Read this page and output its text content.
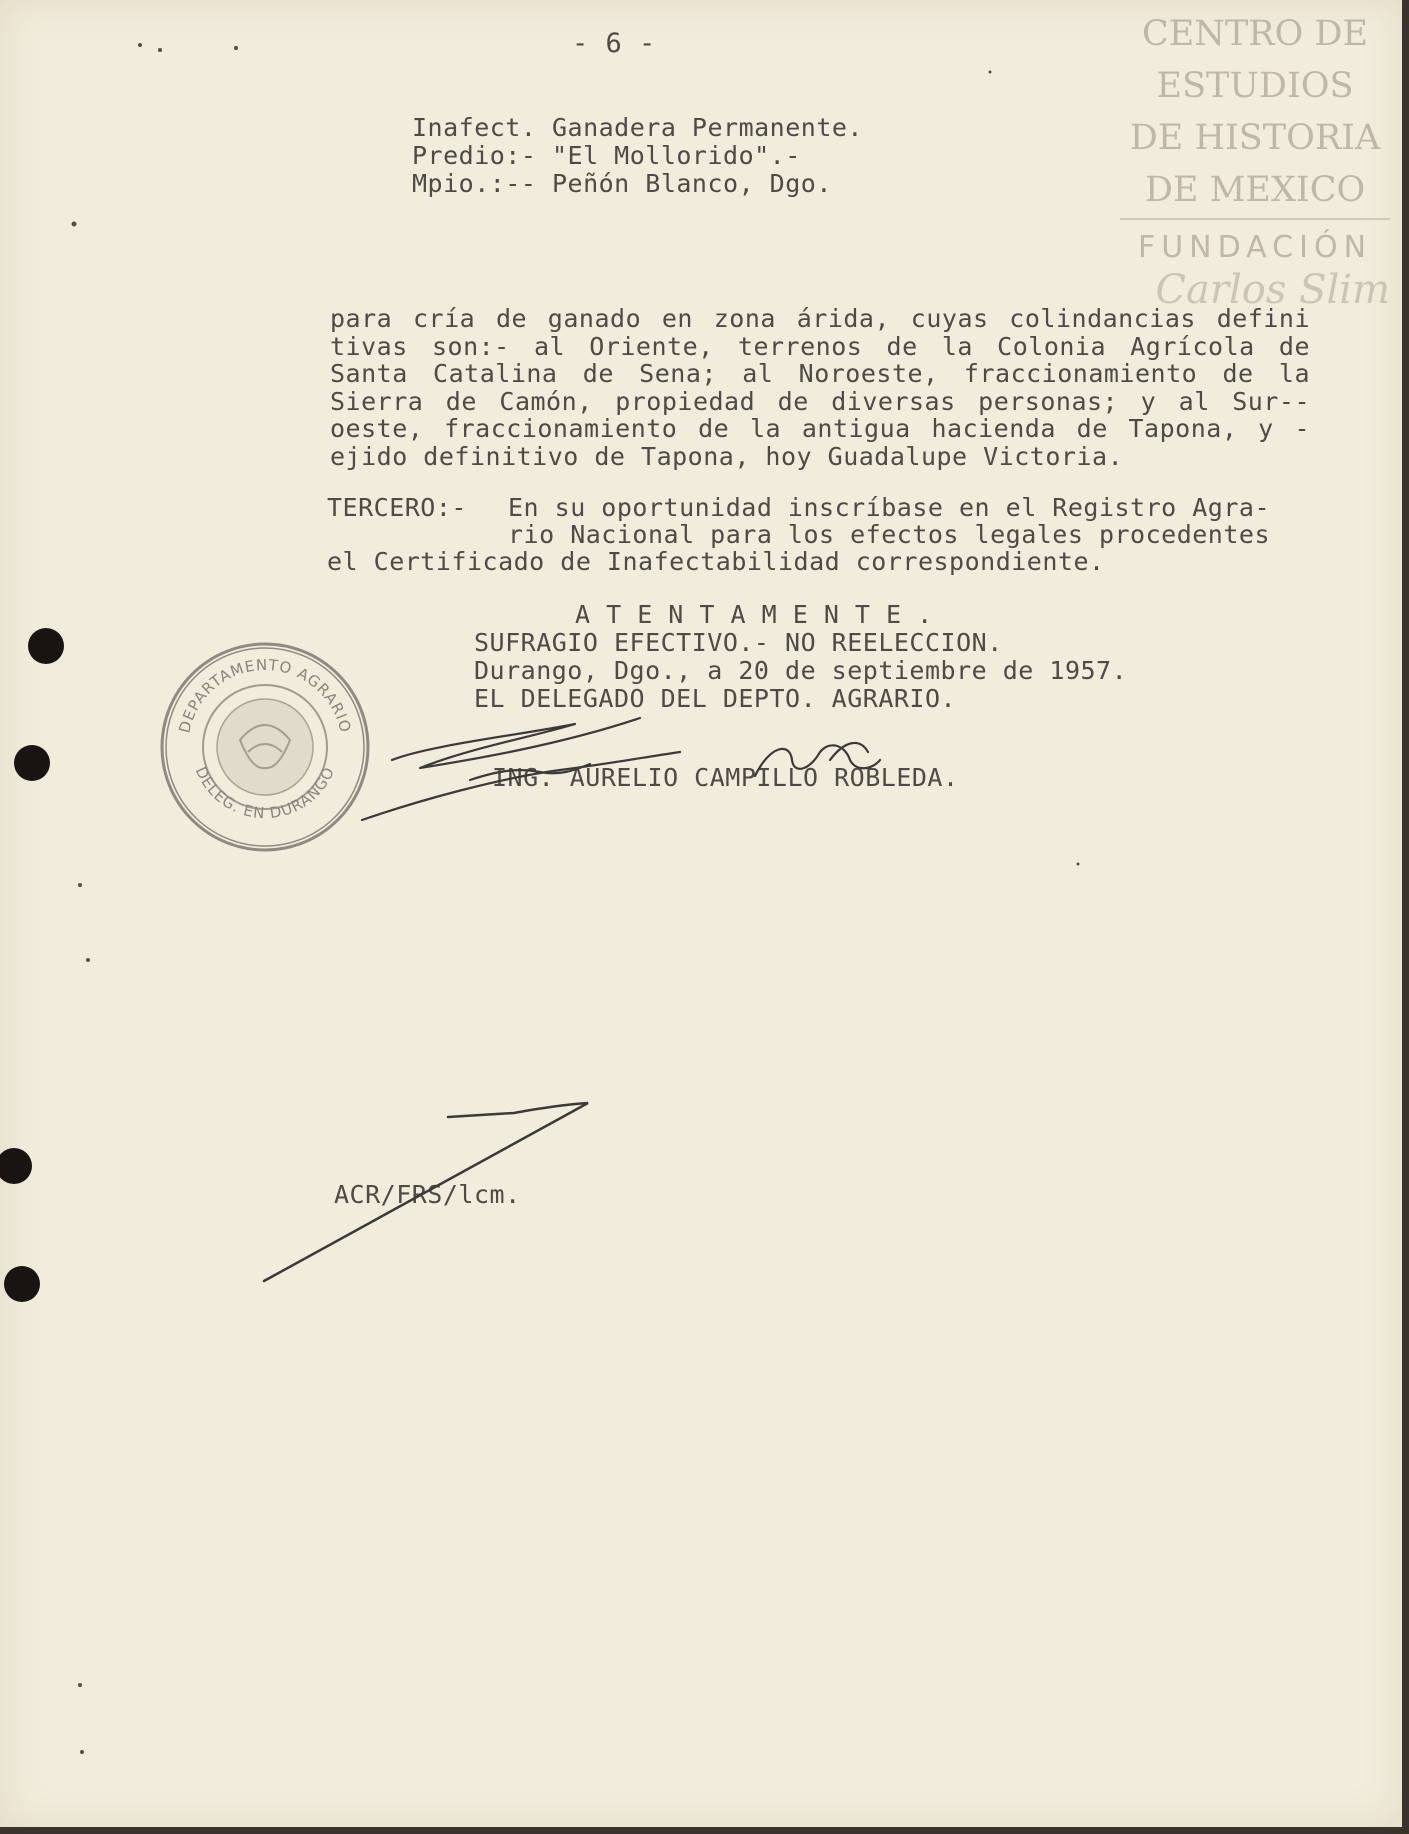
- 6 -
Inafect. Ganadera Permanente.
Predio:- "El Mollorido".-
Mpio.:-- Peñón Blanco, Dgo.
para cría de ganado en zona árida, cuyas colindancias defini tivas son:- al Oriente, terrenos de la Colonia Agrícola de Santa Catalina de Sena; al Noroeste, fraccionamiento de la Sierra de Camón, propiedad de diversas personas; y al Sur--oeste, fraccionamiento de la antigua hacienda de Tapona, y - ejido definitivo de Tapona, hoy Guadalupe Victoria.
TERCERO:- En su oportunidad inscríbase en el Registro Agra- rio Nacional para los efectos legales procedentes
el Certificado de Inafectabilidad correspondiente.
A T E N T A M E N T E .
SUFRAGIO EFECTIVO.- NO REELECCION.
Durango, Dgo., a 20 de septiembre de 1957.
EL DELEGADO DEL DEPTO. AGRARIO.
ING. AURELIO CAMPILLO ROBLEDA.
ACR/FRS/lcm.
DEPARTAMENTO AGRARIO
DELEG. EN DURANGO
CENTRO DE
ESTUDIOS
DE HISTORIA
DE MEXICO
FUNDACIÓN
Carlos Slim
